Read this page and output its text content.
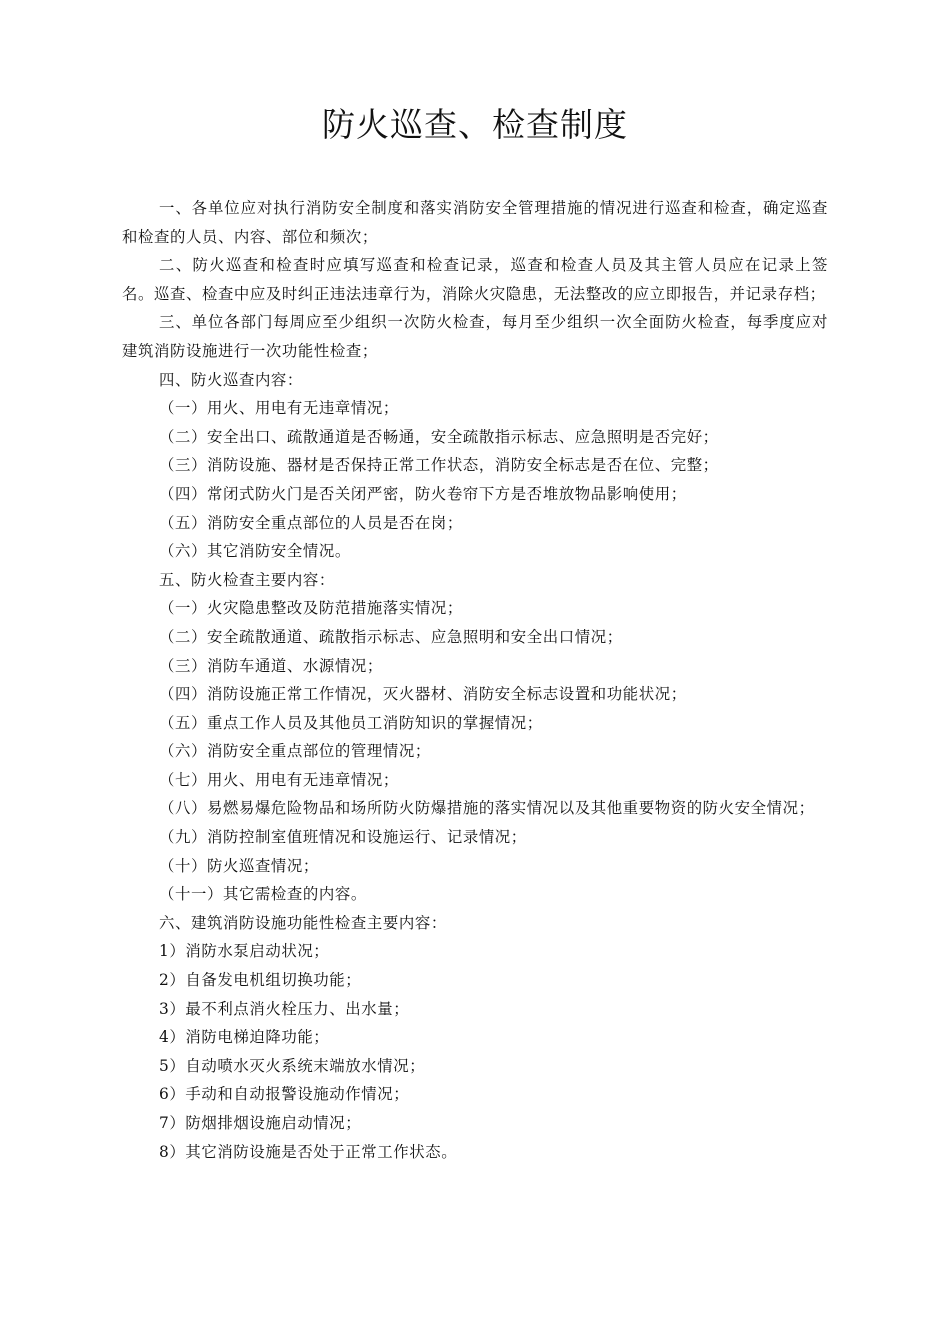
防火巡查、检查制度

一、各单位应对执行消防安全制度和落实消防安全管理措施的情况进行巡查和检查，确定巡查和检查的人员、内容、部位和频次；

二、防火巡查和检查时应填写巡查和检查记录，巡查和检查人员及其主管人员应在记录上签名。巡查、检查中应及时纠正违法违章行为，消除火灾隐患，无法整改的应立即报告，并记录存档；

三、单位各部门每周应至少组织一次防火检查，每月至少组织一次全面防火检查，每季度应对建筑消防设施进行一次功能性检查；

四、防火巡查内容：

（一）用火、用电有无违章情况；

（二）安全出口、疏散通道是否畅通，安全疏散指示标志、应急照明是否完好；

（三）消防设施、器材是否保持正常工作状态，消防安全标志是否在位、完整；

（四）常闭式防火门是否关闭严密，防火卷帘下方是否堆放物品影响使用；

（五）消防安全重点部位的人员是否在岗；

（六）其它消防安全情况。

五、防火检查主要内容：

（一）火灾隐患整改及防范措施落实情况；

（二）安全疏散通道、疏散指示标志、应急照明和安全出口情况；

（三）消防车通道、水源情况；

（四）消防设施正常工作情况，灭火器材、消防安全标志设置和功能状况；

（五）重点工作人员及其他员工消防知识的掌握情况；

（六）消防安全重点部位的管理情况；

（七）用火、用电有无违章情况；

（八）易燃易爆危险物品和场所防火防爆措施的落实情况以及其他重要物资的防火安全情况；

（九）消防控制室值班情况和设施运行、记录情况；

（十）防火巡查情况；

（十一）其它需检查的内容。

六、建筑消防设施功能性检查主要内容：

1）消防水泵启动状况；

2）自备发电机组切换功能；

3）最不利点消火栓压力、出水量；

4）消防电梯迫降功能；

5）自动喷水灭火系统末端放水情况；

6）手动和自动报警设施动作情况；

7）防烟排烟设施启动情况；

8）其它消防设施是否处于正常工作状态。
